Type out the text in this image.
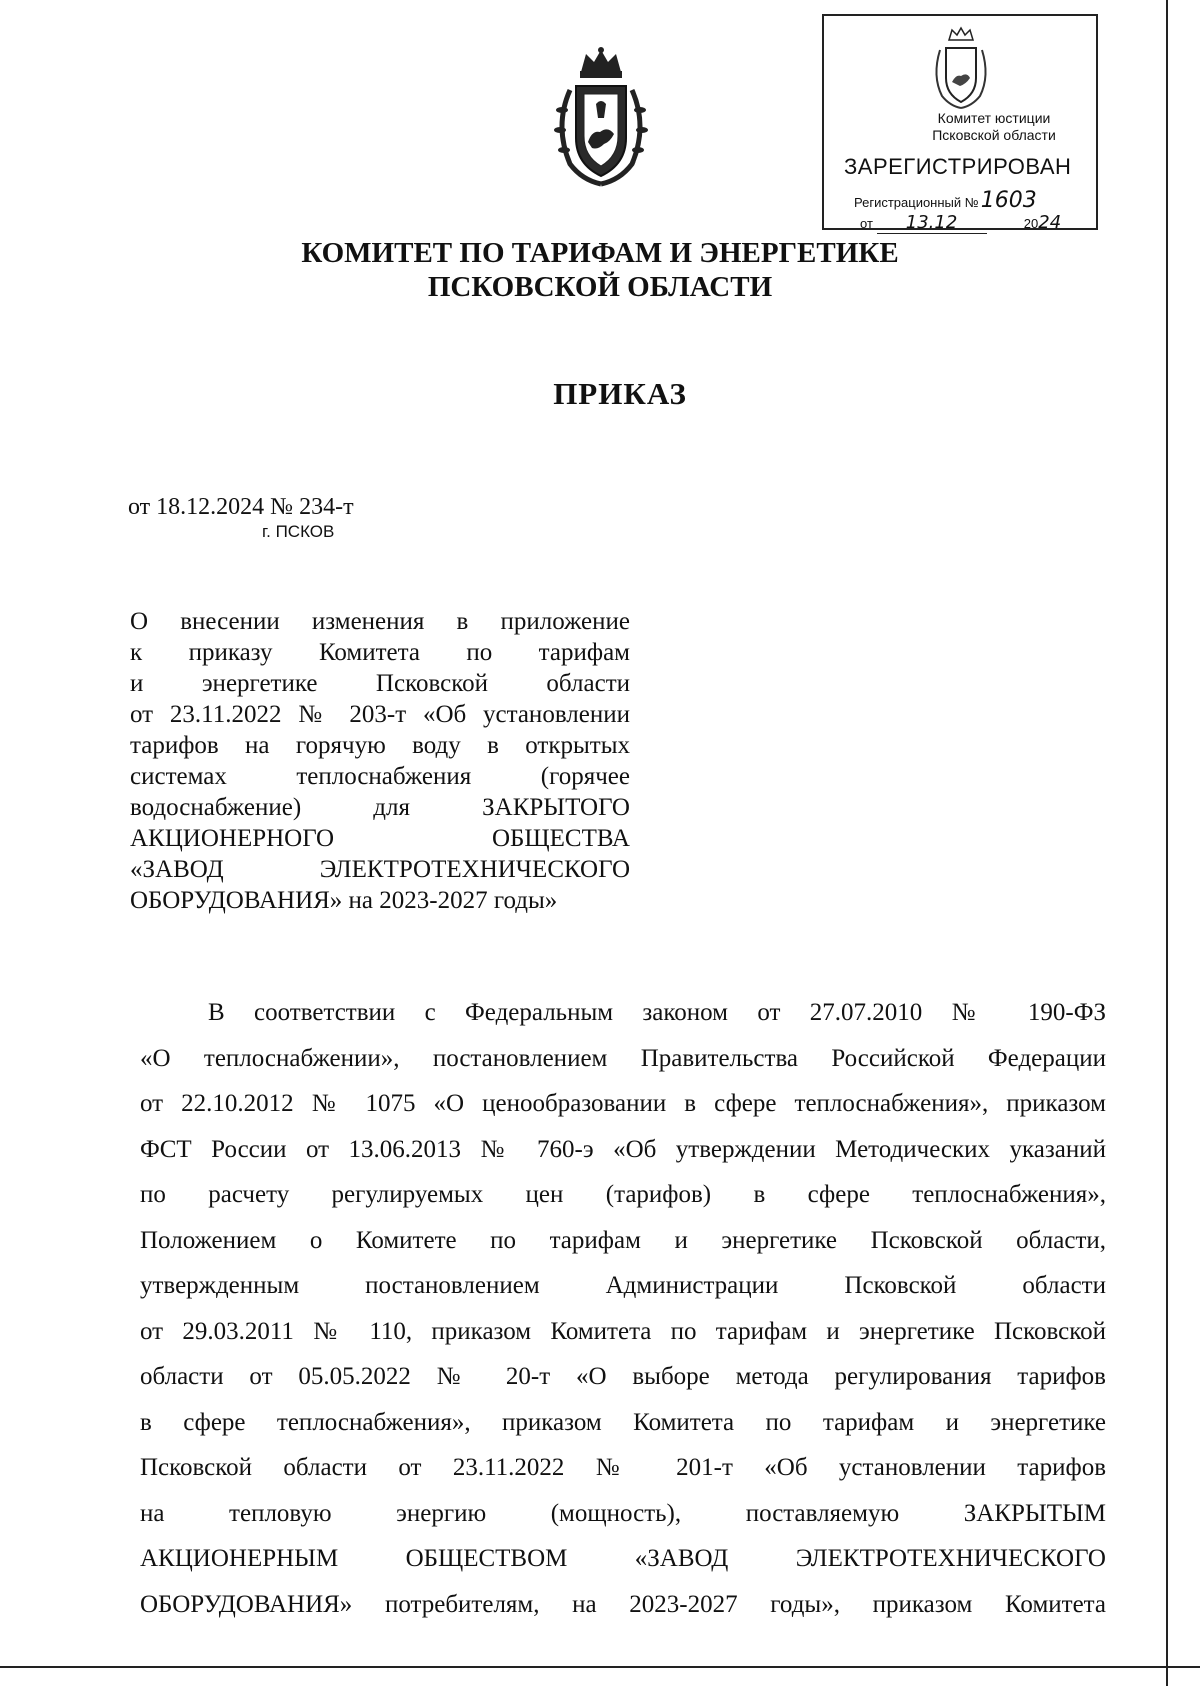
Комитет юстиции
Псковской области
ЗАРЕГИСТРИРОВАН
Регистрационный №1603
от 13.12	2024
КОМИТЕТ ПО ТАРИФАМ И ЭНЕРГЕТИКЕ
ПСКОВСКОЙ ОБЛАСТИ
ПРИКАЗ
от 18.12.2024 № 234-т
г. ПСКОВ
О внесении изменения в приложение
к приказу Комитета по тарифам
и энергетике Псковской области
от 23.11.2022 № 203-т «Об установлении
тарифов на горячую воду в открытых
системах теплоснабжения (горячее
водоснабжение) для ЗАКРЫТОГО
АКЦИОНЕРНОГО ОБЩЕСТВА
«ЗАВОД ЭЛЕКТРОТЕХНИЧЕСКОГО
ОБОРУДОВАНИЯ» на 2023-2027 годы»
В соответствии с Федеральным законом от 27.07.2010 № 190-ФЗ
«О теплоснабжении», постановлением Правительства Российской Федерации
от 22.10.2012 № 1075 «О ценообразовании в сфере теплоснабжения», приказом
ФСТ России от 13.06.2013 № 760-э «Об утверждении Методических указаний
по расчету регулируемых цен (тарифов) в сфере теплоснабжения»,
Положением о Комитете по тарифам и энергетике Псковской области,
утвержденным постановлением Администрации Псковской области
от 29.03.2011 № 110, приказом Комитета по тарифам и энергетике Псковской
области от 05.05.2022 № 20-т «О выборе метода регулирования тарифов
в сфере теплоснабжения», приказом Комитета по тарифам и энергетике
Псковской области от 23.11.2022 № 201-т «Об установлении тарифов
на тепловую энергию (мощность), поставляемую ЗАКРЫТЫМ
АКЦИОНЕРНЫМ ОБЩЕСТВОМ «ЗАВОД ЭЛЕКТРОТЕХНИЧЕСКОГО
ОБОРУДОВАНИЯ» потребителям, на 2023-2027 годы», приказом Комитета
